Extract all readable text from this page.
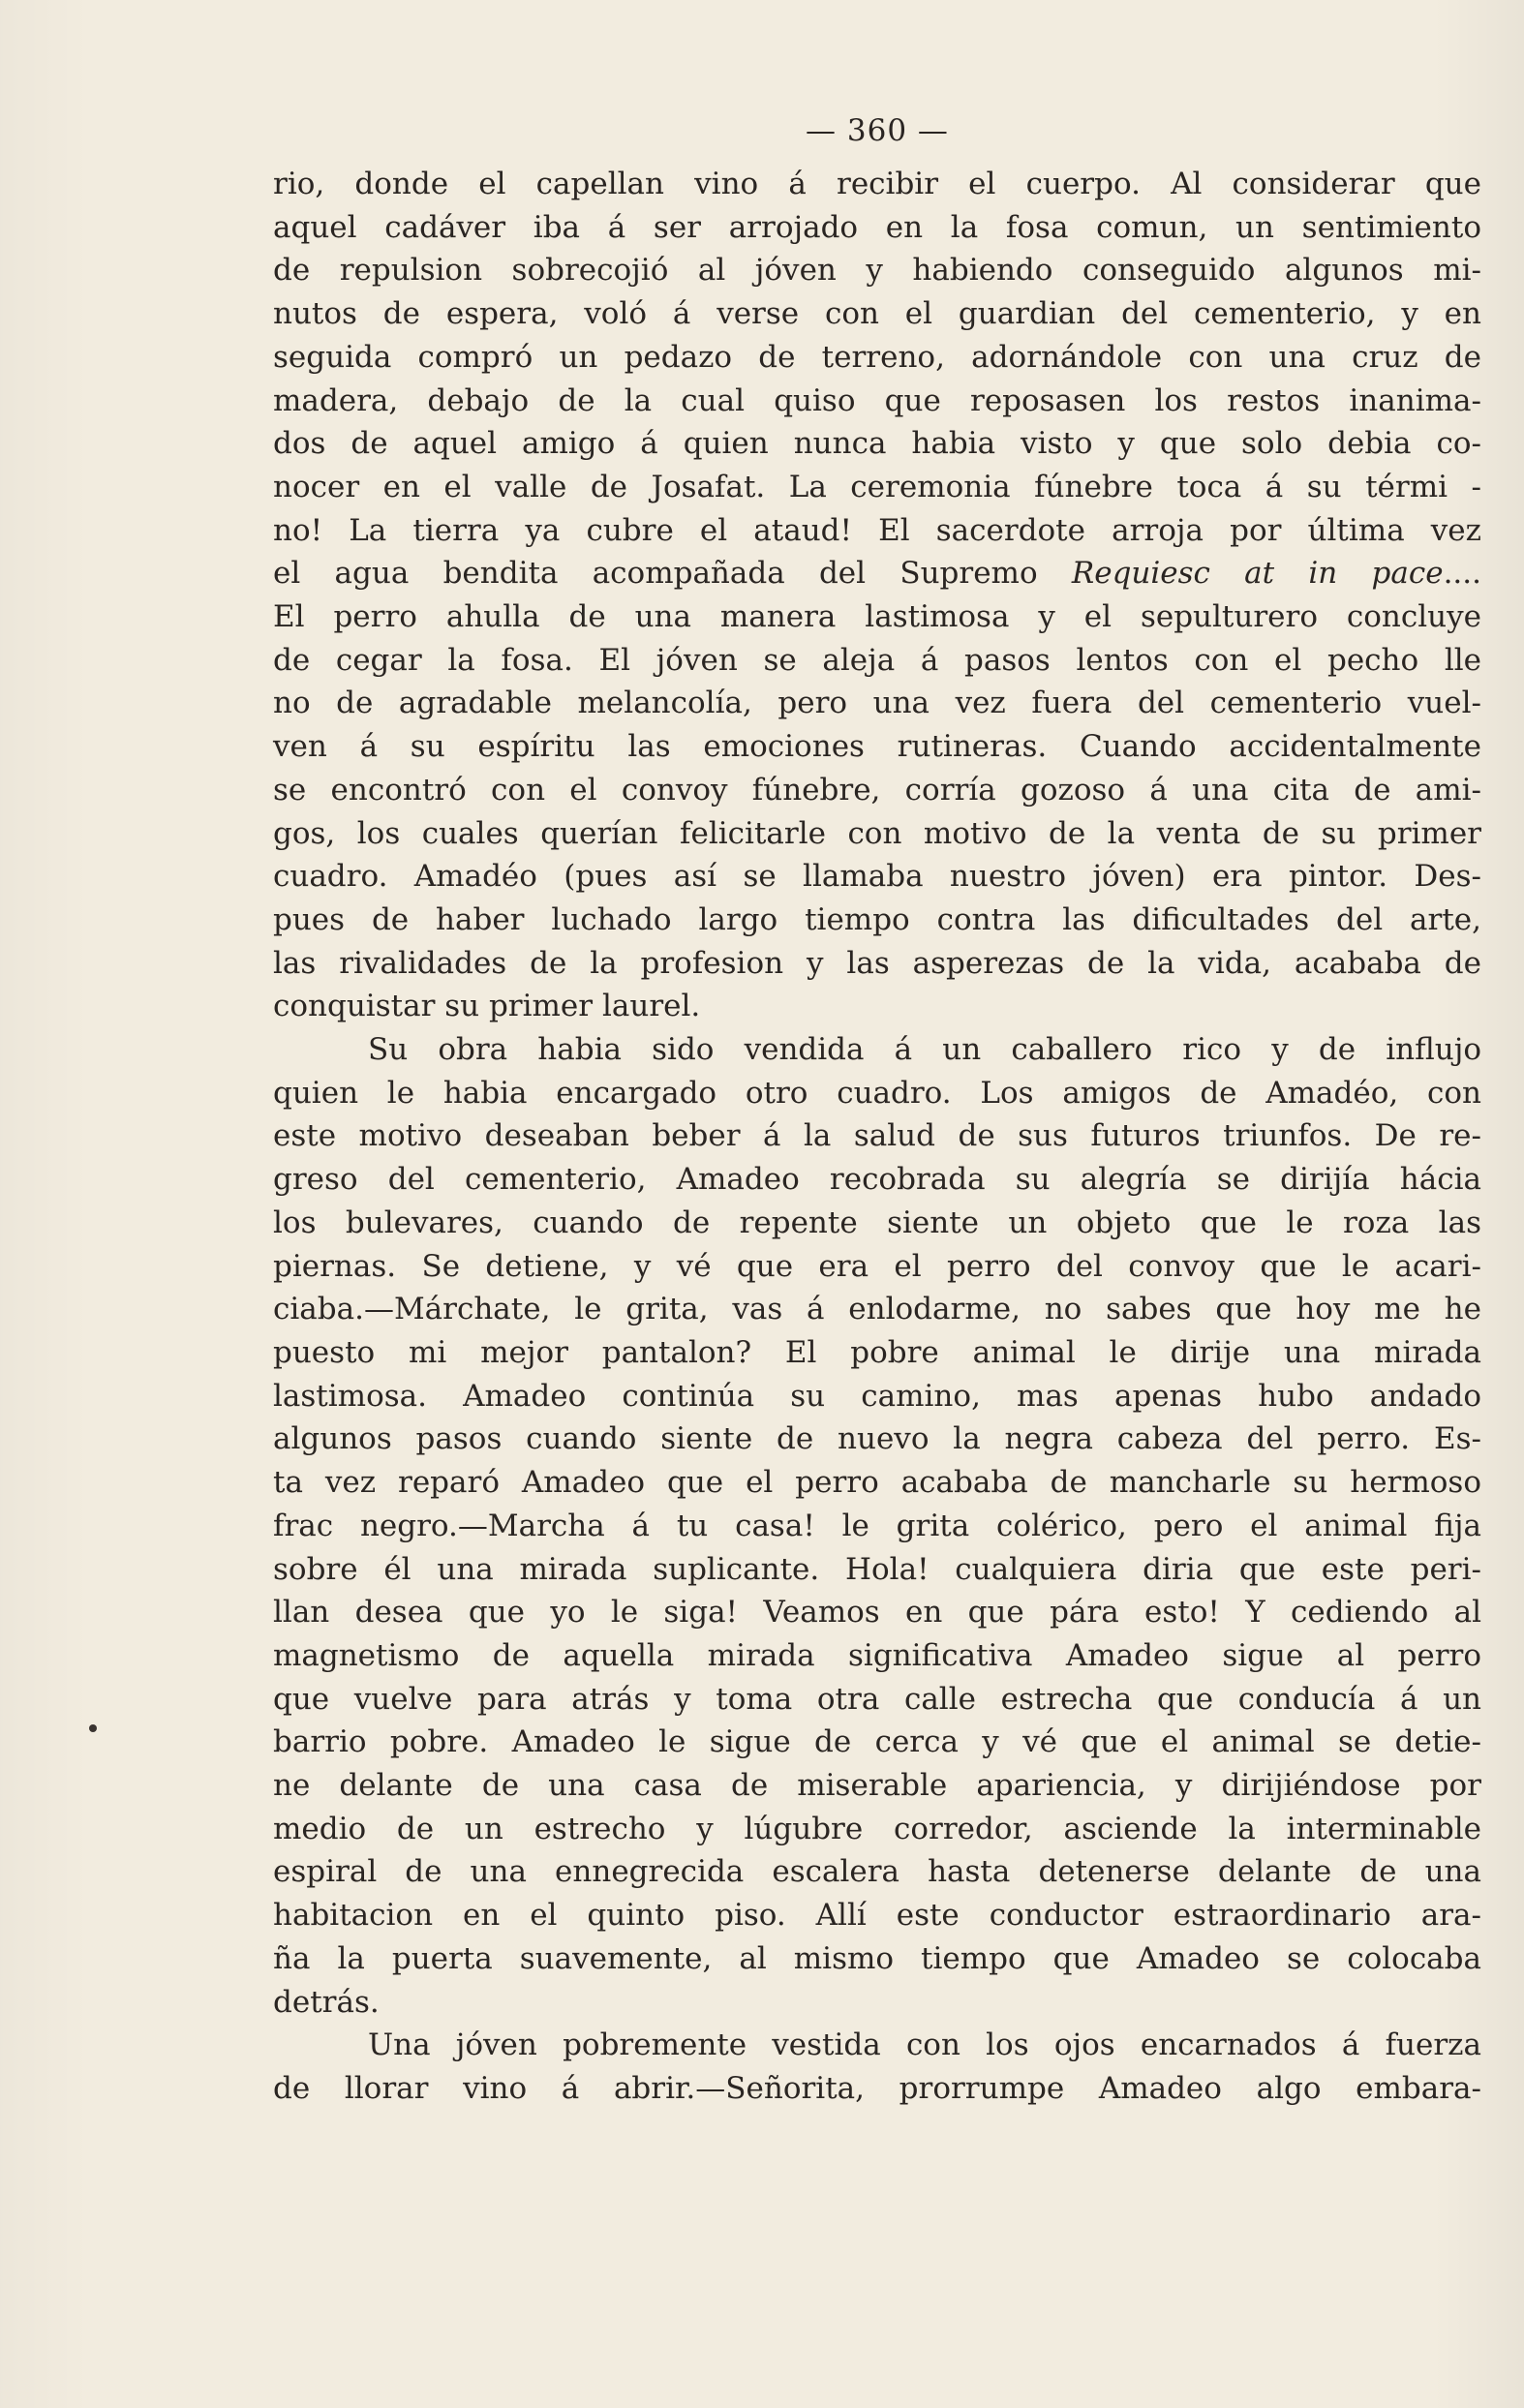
— 360 —
rio, donde el capellan vino á recibir el cuerpo. Al considerar que
aquel cadáver iba á ser arrojado en la fosa comun, un sentimiento
de repulsion sobrecojió al jóven y habiendo conseguido algunos mi-
nutos de espera, voló á verse con el guardian del cementerio, y en
seguida compró un pedazo de terreno, adornándole con una cruz de
madera, debajo de la cual quiso que reposasen los restos inanima-
dos de aquel amigo á quien nunca habia visto y que solo debia co-
nocer en el valle de Josafat. La ceremonia fúnebre toca á su térmi -
no! La tierra ya cubre el ataud! El sacerdote arroja por última vez
el agua bendita acompañada del Supremo Requiesc at in pace....
El perro ahulla de una manera lastimosa y el sepulturero concluye
de cegar la fosa. El jóven se aleja á pasos lentos con el pecho lle
no de agradable melancolía, pero una vez fuera del cementerio vuel-
ven á su espíritu las emociones rutineras. Cuando accidentalmente
se encontró con el convoy fúnebre, corría gozoso á una cita de ami-
gos, los cuales querían felicitarle con motivo de la venta de su primer
cuadro. Amadéo (pues así se llamaba nuestro jóven) era pintor. Des-
pues de haber luchado largo tiempo contra las dificultades del arte,
las rivalidades de la profesion y las asperezas de la vida, acababa de
conquistar su primer laurel.
Su obra habia sido vendida á un caballero rico y de influjo
quien le habia encargado otro cuadro. Los amigos de Amadéo, con
este motivo deseaban beber á la salud de sus futuros triunfos. De re-
greso del cementerio, Amadeo recobrada su alegría se dirijía hácia
los bulevares, cuando de repente siente un objeto que le roza las
piernas. Se detiene, y vé que era el perro del convoy que le acari-
ciaba.—Márchate, le grita, vas á enlodarme, no sabes que hoy me he
puesto mi mejor pantalon? El pobre animal le dirije una mirada
lastimosa. Amadeo continúa su camino, mas apenas hubo andado
algunos pasos cuando siente de nuevo la negra cabeza del perro. Es-
ta vez reparó Amadeo que el perro acababa de mancharle su hermoso
frac negro.—Marcha á tu casa! le grita colérico, pero el animal fija
sobre él una mirada suplicante. Hola! cualquiera diria que este peri-
llan desea que yo le siga! Veamos en que pára esto! Y cediendo al
magnetismo de aquella mirada significativa Amadeo sigue al perro
que vuelve para atrás y toma otra calle estrecha que conducía á un
barrio pobre. Amadeo le sigue de cerca y vé que el animal se detie-
ne delante de una casa de miserable apariencia, y dirijiéndose por
medio de un estrecho y lúgubre corredor, asciende la interminable
espiral de una ennegrecida escalera hasta detenerse delante de una
habitacion en el quinto piso. Allí este conductor estraordinario ara-
ña la puerta suavemente, al mismo tiempo que Amadeo se colocaba
detrás.
Una jóven pobremente vestida con los ojos encarnados á fuerza
de llorar vino á abrir.—Señorita, prorrumpe Amadeo algo embara-
